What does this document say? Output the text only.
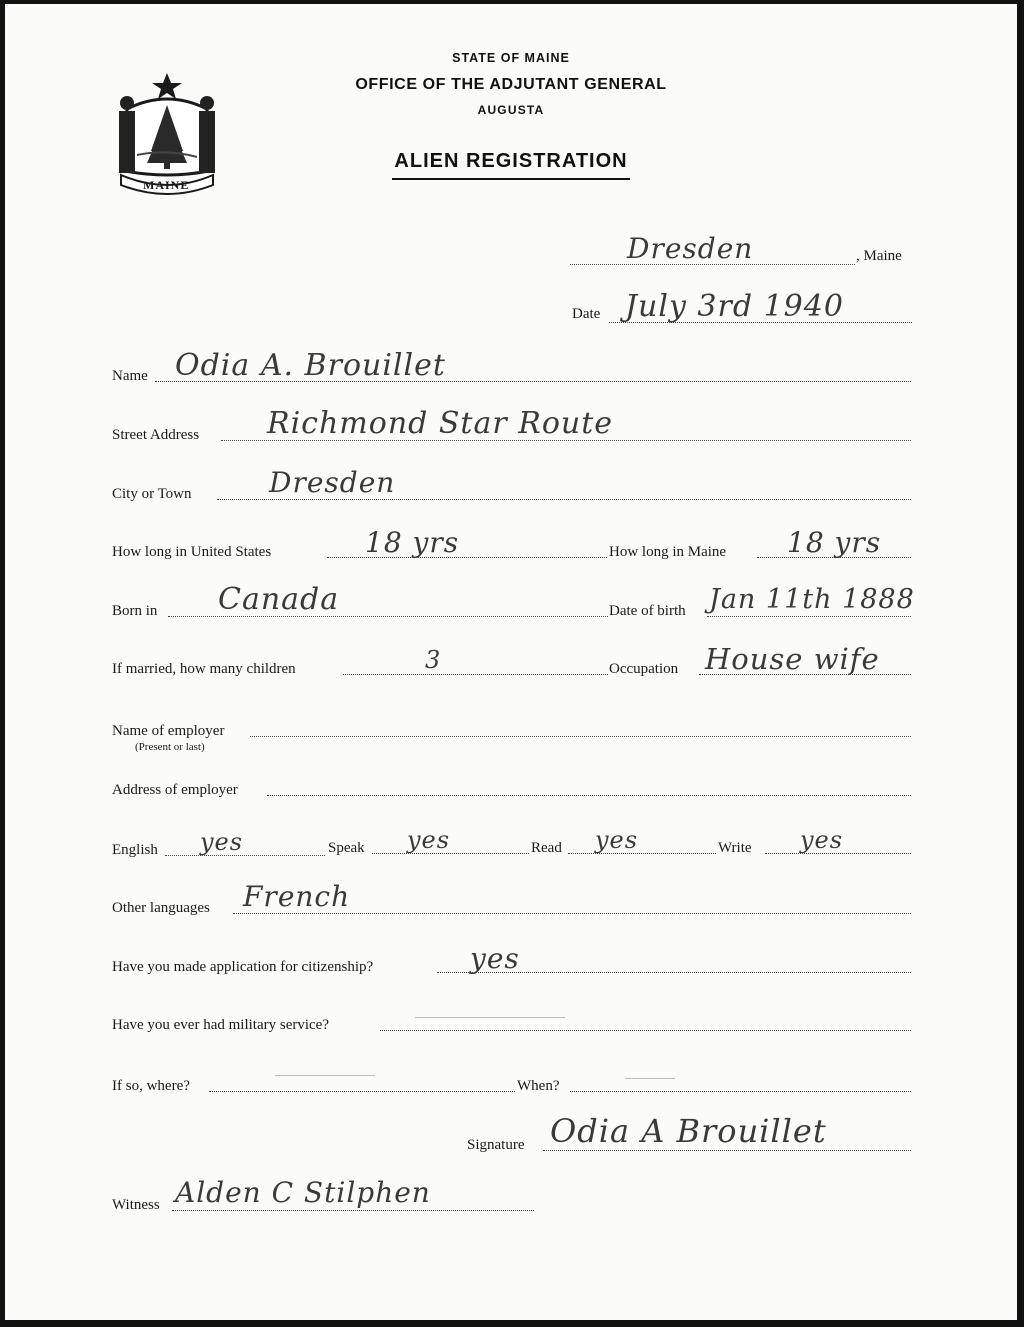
MAINE
STATE OF MAINE
OFFICE OF THE ADJUTANT GENERAL
AUGUSTA
ALIEN REGISTRATION
Dresden	, Maine
Date July 3rd 1940
Name Odia A. Brouillet
Street Address Richmond Star Route
City or Town	Dresden
How long in United States	18 yrs	How long in Maine 18 yrs
Born in Canada	Date of birth Jan 11th 1888
If married, how many children	3	Occupation House wife
Name of employer
(Present or last)
Address of employer
English yes	Speak yes	Read yes	Write yes
Other languages French
Have you made application for citizenship?	yes
Have you ever had military service?
If so, where?	When?
Signature Odia A Brouillet
Witness Alden C Stilphen
